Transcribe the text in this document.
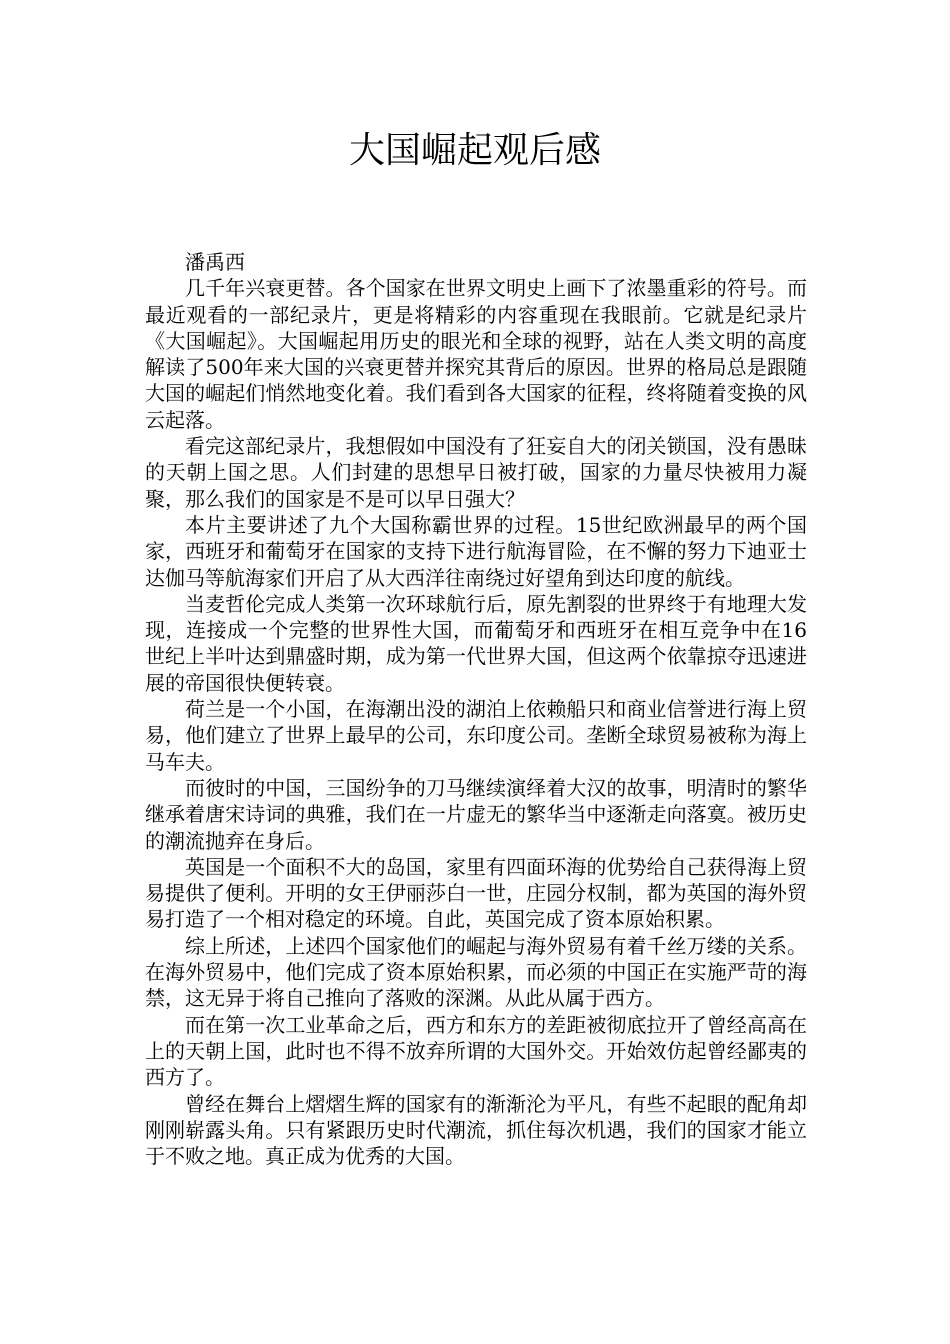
大国崛起观后感

潘禹西

几千年兴衰更替。各个国家在世界文明史上画下了浓墨重彩的符号。而最近观看的一部纪录片，更是将精彩的内容重现在我眼前。它就是纪录片《大国崛起》。大国崛起用历史的眼光和全球的视野，站在人类文明的高度解读了500年来大国的兴衰更替并探究其背后的原因。世界的格局总是跟随大国的崛起们悄然地变化着。我们看到各大国家的征程，终将随着变换的风云起落。

看完这部纪录片，我想假如中国没有了狂妄自大的闭关锁国，没有愚昧的天朝上国之思。人们封建的思想早日被打破，国家的力量尽快被用力凝聚，那么我们的国家是不是可以早日强大？

本片主要讲述了九个大国称霸世界的过程。15世纪欧洲最早的两个国家，西班牙和葡萄牙在国家的支持下进行航海冒险，在不懈的努力下迪亚士达伽马等航海家们开启了从大西洋往南绕过好望角到达印度的航线。

当麦哲伦完成人类第一次环球航行后，原先割裂的世界终于有地理大发现，连接成一个完整的世界性大国，而葡萄牙和西班牙在相互竞争中在16世纪上半叶达到鼎盛时期，成为第一代世界大国，但这两个依靠掠夺迅速进展的帝国很快便转衰。

荷兰是一个小国，在海潮出没的湖泊上依赖船只和商业信誉进行海上贸易，他们建立了世界上最早的公司，东印度公司。垄断全球贸易被称为海上马车夫。

而彼时的中国，三国纷争的刀马继续演绎着大汉的故事，明清时的繁华继承着唐宋诗词的典雅，我们在一片虚无的繁华当中逐渐走向落寞。被历史的潮流抛弃在身后。

英国是一个面积不大的岛国，家里有四面环海的优势给自己获得海上贸易提供了便利。开明的女王伊丽莎白一世，庄园分权制，都为英国的海外贸易打造了一个相对稳定的环境。自此，英国完成了资本原始积累。

综上所述，上述四个国家他们的崛起与海外贸易有着千丝万缕的关系。在海外贸易中，他们完成了资本原始积累，而必须的中国正在实施严苛的海禁，这无异于将自己推向了落败的深渊。从此从属于西方。

而在第一次工业革命之后，西方和东方的差距被彻底拉开了曾经高高在上的天朝上国，此时也不得不放弃所谓的大国外交。开始效仿起曾经鄙夷的西方了。

曾经在舞台上熠熠生辉的国家有的渐渐沦为平凡，有些不起眼的配角却刚刚崭露头角。只有紧跟历史时代潮流，抓住每次机遇，我们的国家才能立于不败之地。真正成为优秀的大国。
